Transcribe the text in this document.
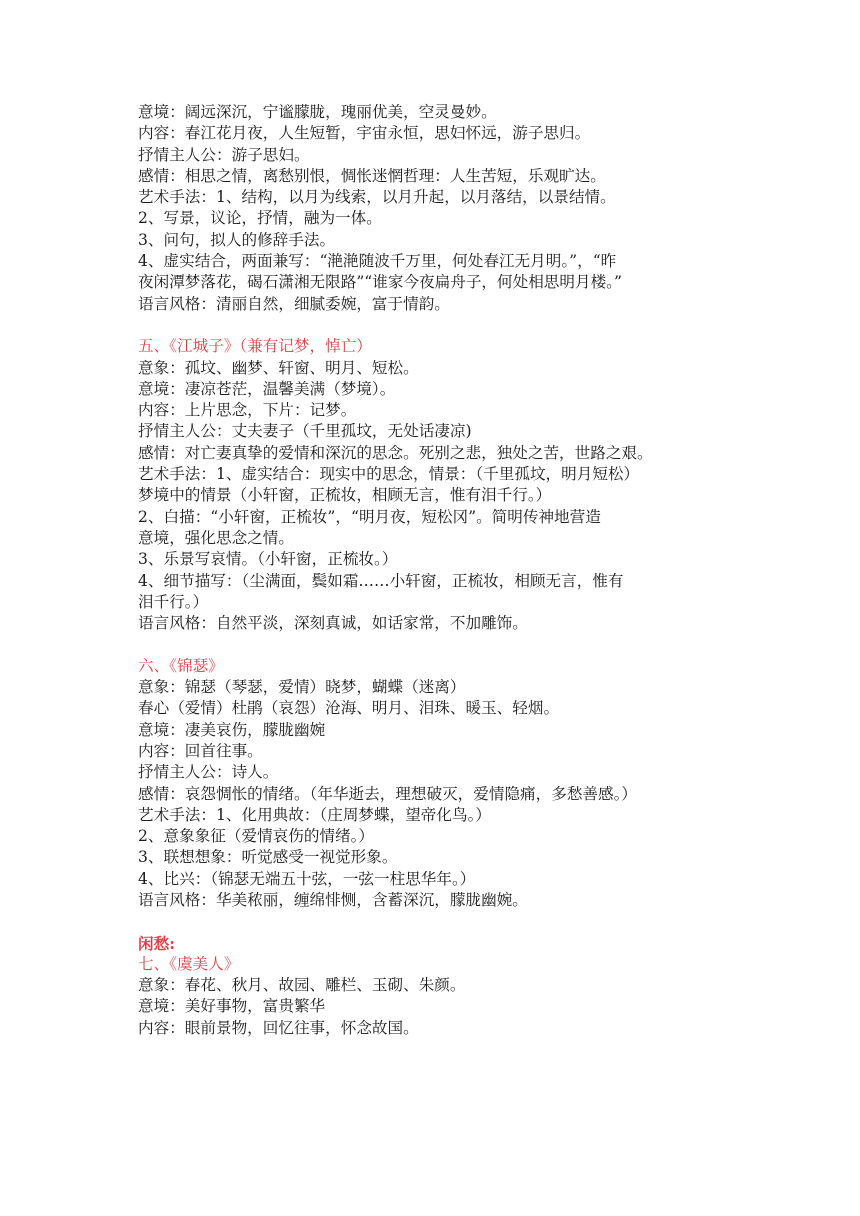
意境：阔远深沉，宁谧朦胧，瑰丽优美，空灵曼妙。
内容：春江花月夜，人生短暂，宇宙永恒，思妇怀远，游子思归。
抒情主人公：游子思妇。
感情：相思之情，离愁别恨，惆怅迷惘哲理：人生苦短，乐观旷达。
艺术手法：1、结构，以月为线索，以月升起，以月落结，以景结情。
2、写景，议论，抒情，融为一体。
3、问句，拟人的修辞手法。
4、虚实结合，两面兼写：“滟滟随波千万里，何处春江无月明。”，“昨
夜闲潭梦落花，碣石潇湘无限路”“谁家今夜扁舟子，何处相思明月楼。”
语言风格：清丽自然，细腻委婉，富于情韵。
五、《江城子》（兼有记梦，悼亡）
意象：孤坟、幽梦、轩窗、明月、短松。
意境：凄凉苍茫，温馨美满（梦境）。
内容：上片思念，下片：记梦。
抒情主人公：丈夫妻子（千里孤坟，无处话凄凉)
感情：对亡妻真挚的爱情和深沉的思念。死别之悲，独处之苦，世路之艰。
艺术手法：1、虚实结合：现实中的思念，情景：（千里孤坟，明月短松）
梦境中的情景（小轩窗，正梳妆，相顾无言，惟有泪千行。）
2、白描：“小轩窗，正梳妆”，“明月夜，短松冈”。简明传神地营造
意境，强化思念之情。
3、乐景写哀情。（小轩窗，正梳妆。）
4、细节描写：（尘满面，鬓如霜……小轩窗，正梳妆，相顾无言，惟有
泪千行。）
语言风格：自然平淡，深刻真诚，如话家常，不加雕饰。
六、《锦瑟》
意象：锦瑟（琴瑟，爱情）晓梦，蝴蝶（迷离）
春心（爱情）杜鹃（哀怨）沧海、明月、泪珠、暖玉、轻烟。
意境：凄美哀伤，朦胧幽婉
内容：回首往事。
抒情主人公：诗人。
感情：哀怨惆怅的情绪。（年华逝去，理想破灭，爱情隐痛，多愁善感。）
艺术手法：1、化用典故：（庄周梦蝶，望帝化鸟。）
2、意象象征（爱情哀伤的情绪。）
3、联想想象：听觉感受一视觉形象。
4、比兴：（锦瑟无端五十弦，一弦一柱思华年。）
语言风格：华美秾丽，缠绵悱恻，含蓄深沉，朦胧幽婉。
闲愁:
七、《虞美人》
意象：春花、秋月、故园、雕栏、玉砌、朱颜。
意境：美好事物，富贵繁华
内容：眼前景物，回忆往事，怀念故国。
